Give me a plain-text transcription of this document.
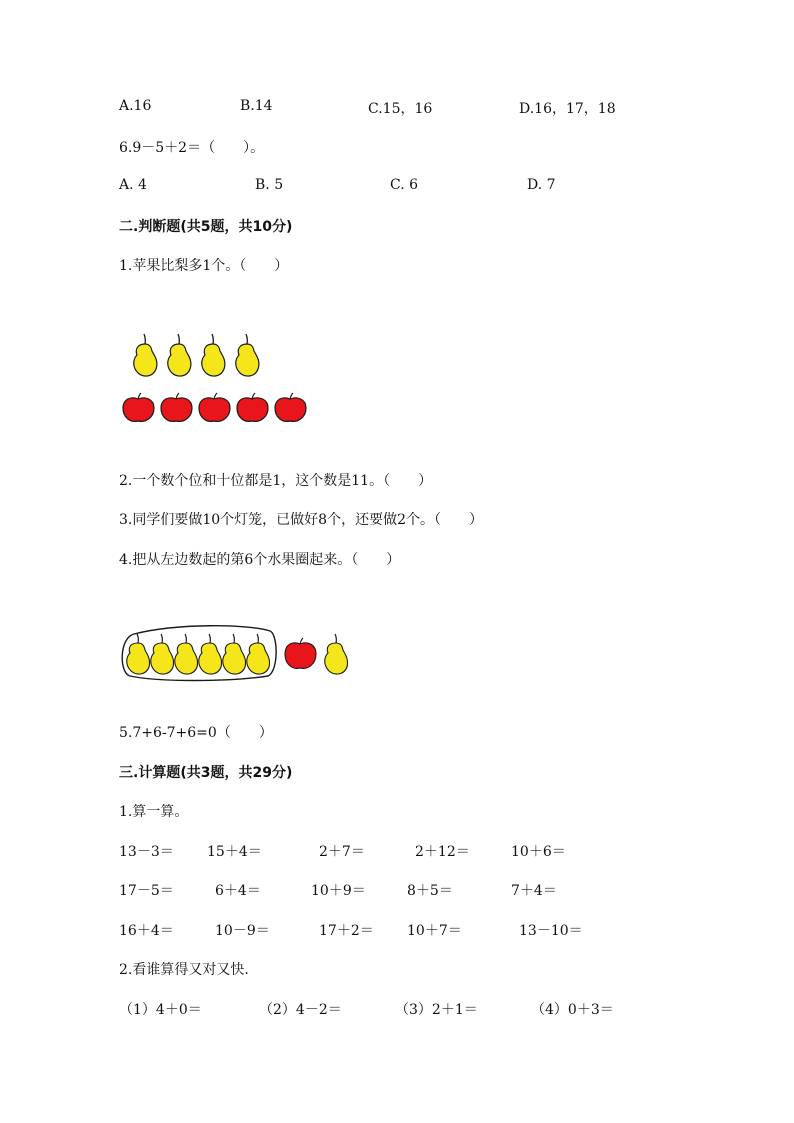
A.16	B.14	C.15，16	D.16，17，18
6.9－5＋2＝（　　）。
A. 4	B. 5	C. 6	D. 7
二.判断题(共5题，共10分)
1.苹果比梨多1个。（　　）
2.一个数个位和十位都是1，这个数是11。（　　）
3.同学们要做10个灯笼，已做好8个，还要做2个。（　　）
4.把从左边数起的第6个水果圈起来。（　　）
5.7+6-7+6=0（　　）
三.计算题(共3题，共29分)
1.算一算。
13－3＝ 15＋4＝	2＋7＝	2＋12＝	10＋6＝
17－5＝	6＋4＝	10＋9＝	8＋5＝	7＋4＝
16＋4＝	10－9＝	17＋2＝ 10＋7＝	13－10＝
2.看谁算得又对又快.
（1）4＋0＝	（2）4－2＝	（3）2＋1＝	（4）0＋3＝
